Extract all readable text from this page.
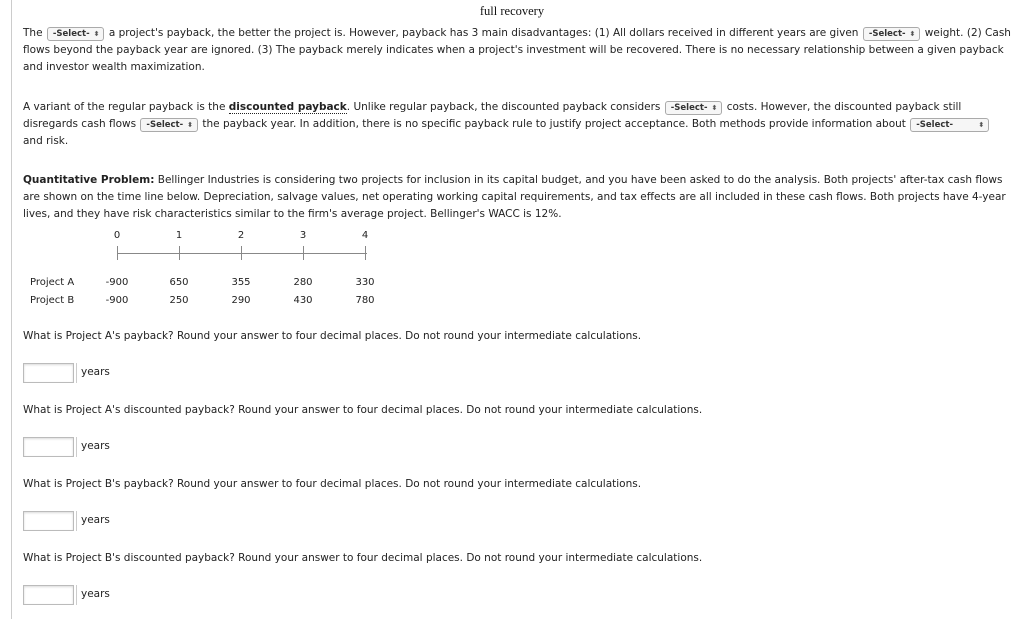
full recovery

The -Select- ⬍ a project's payback, the better the project is. However, payback has 3 main disadvantages: (1) All dollars received in different years are given -Select- ⬍ weight. (2) Cash flows beyond the payback year are ignored. (3) The payback merely indicates when a project's investment will be recovered. There is no necessary relationship between a given payback and investor wealth maximization.

A variant of the regular payback is the discounted payback. Unlike regular payback, the discounted payback considers -Select- ⬍ costs. However, the discounted payback still disregards cash flows -Select- ⬍ the payback year. In addition, there is no specific payback rule to justify project acceptance. Both methods provide information about -Select-	⬍
and risk.

Quantitative Problem: Bellinger Industries is considering two projects for inclusion in its capital budget, and you have been asked to do the analysis. Both projects' after-tax cash flows are shown on the time line below. Depreciation, salvage values, net operating working capital requirements, and tax effects are all included in these cash flows. Both projects have 4-year lives, and they have risk characteristics similar to the firm's average project. Bellinger's WACC is 12%.

0	1	2	3	4
Project A	-900	650	355	280	330
Project B	-900	250	290	430	780

What is Project A's payback? Round your answer to four decimal places. Do not round your intermediate calculations.

years

What is Project A's discounted payback? Round your answer to four decimal places. Do not round your intermediate calculations.

years

What is Project B's payback? Round your answer to four decimal places. Do not round your intermediate calculations.

years

What is Project B's discounted payback? Round your answer to four decimal places. Do not round your intermediate calculations.

years
